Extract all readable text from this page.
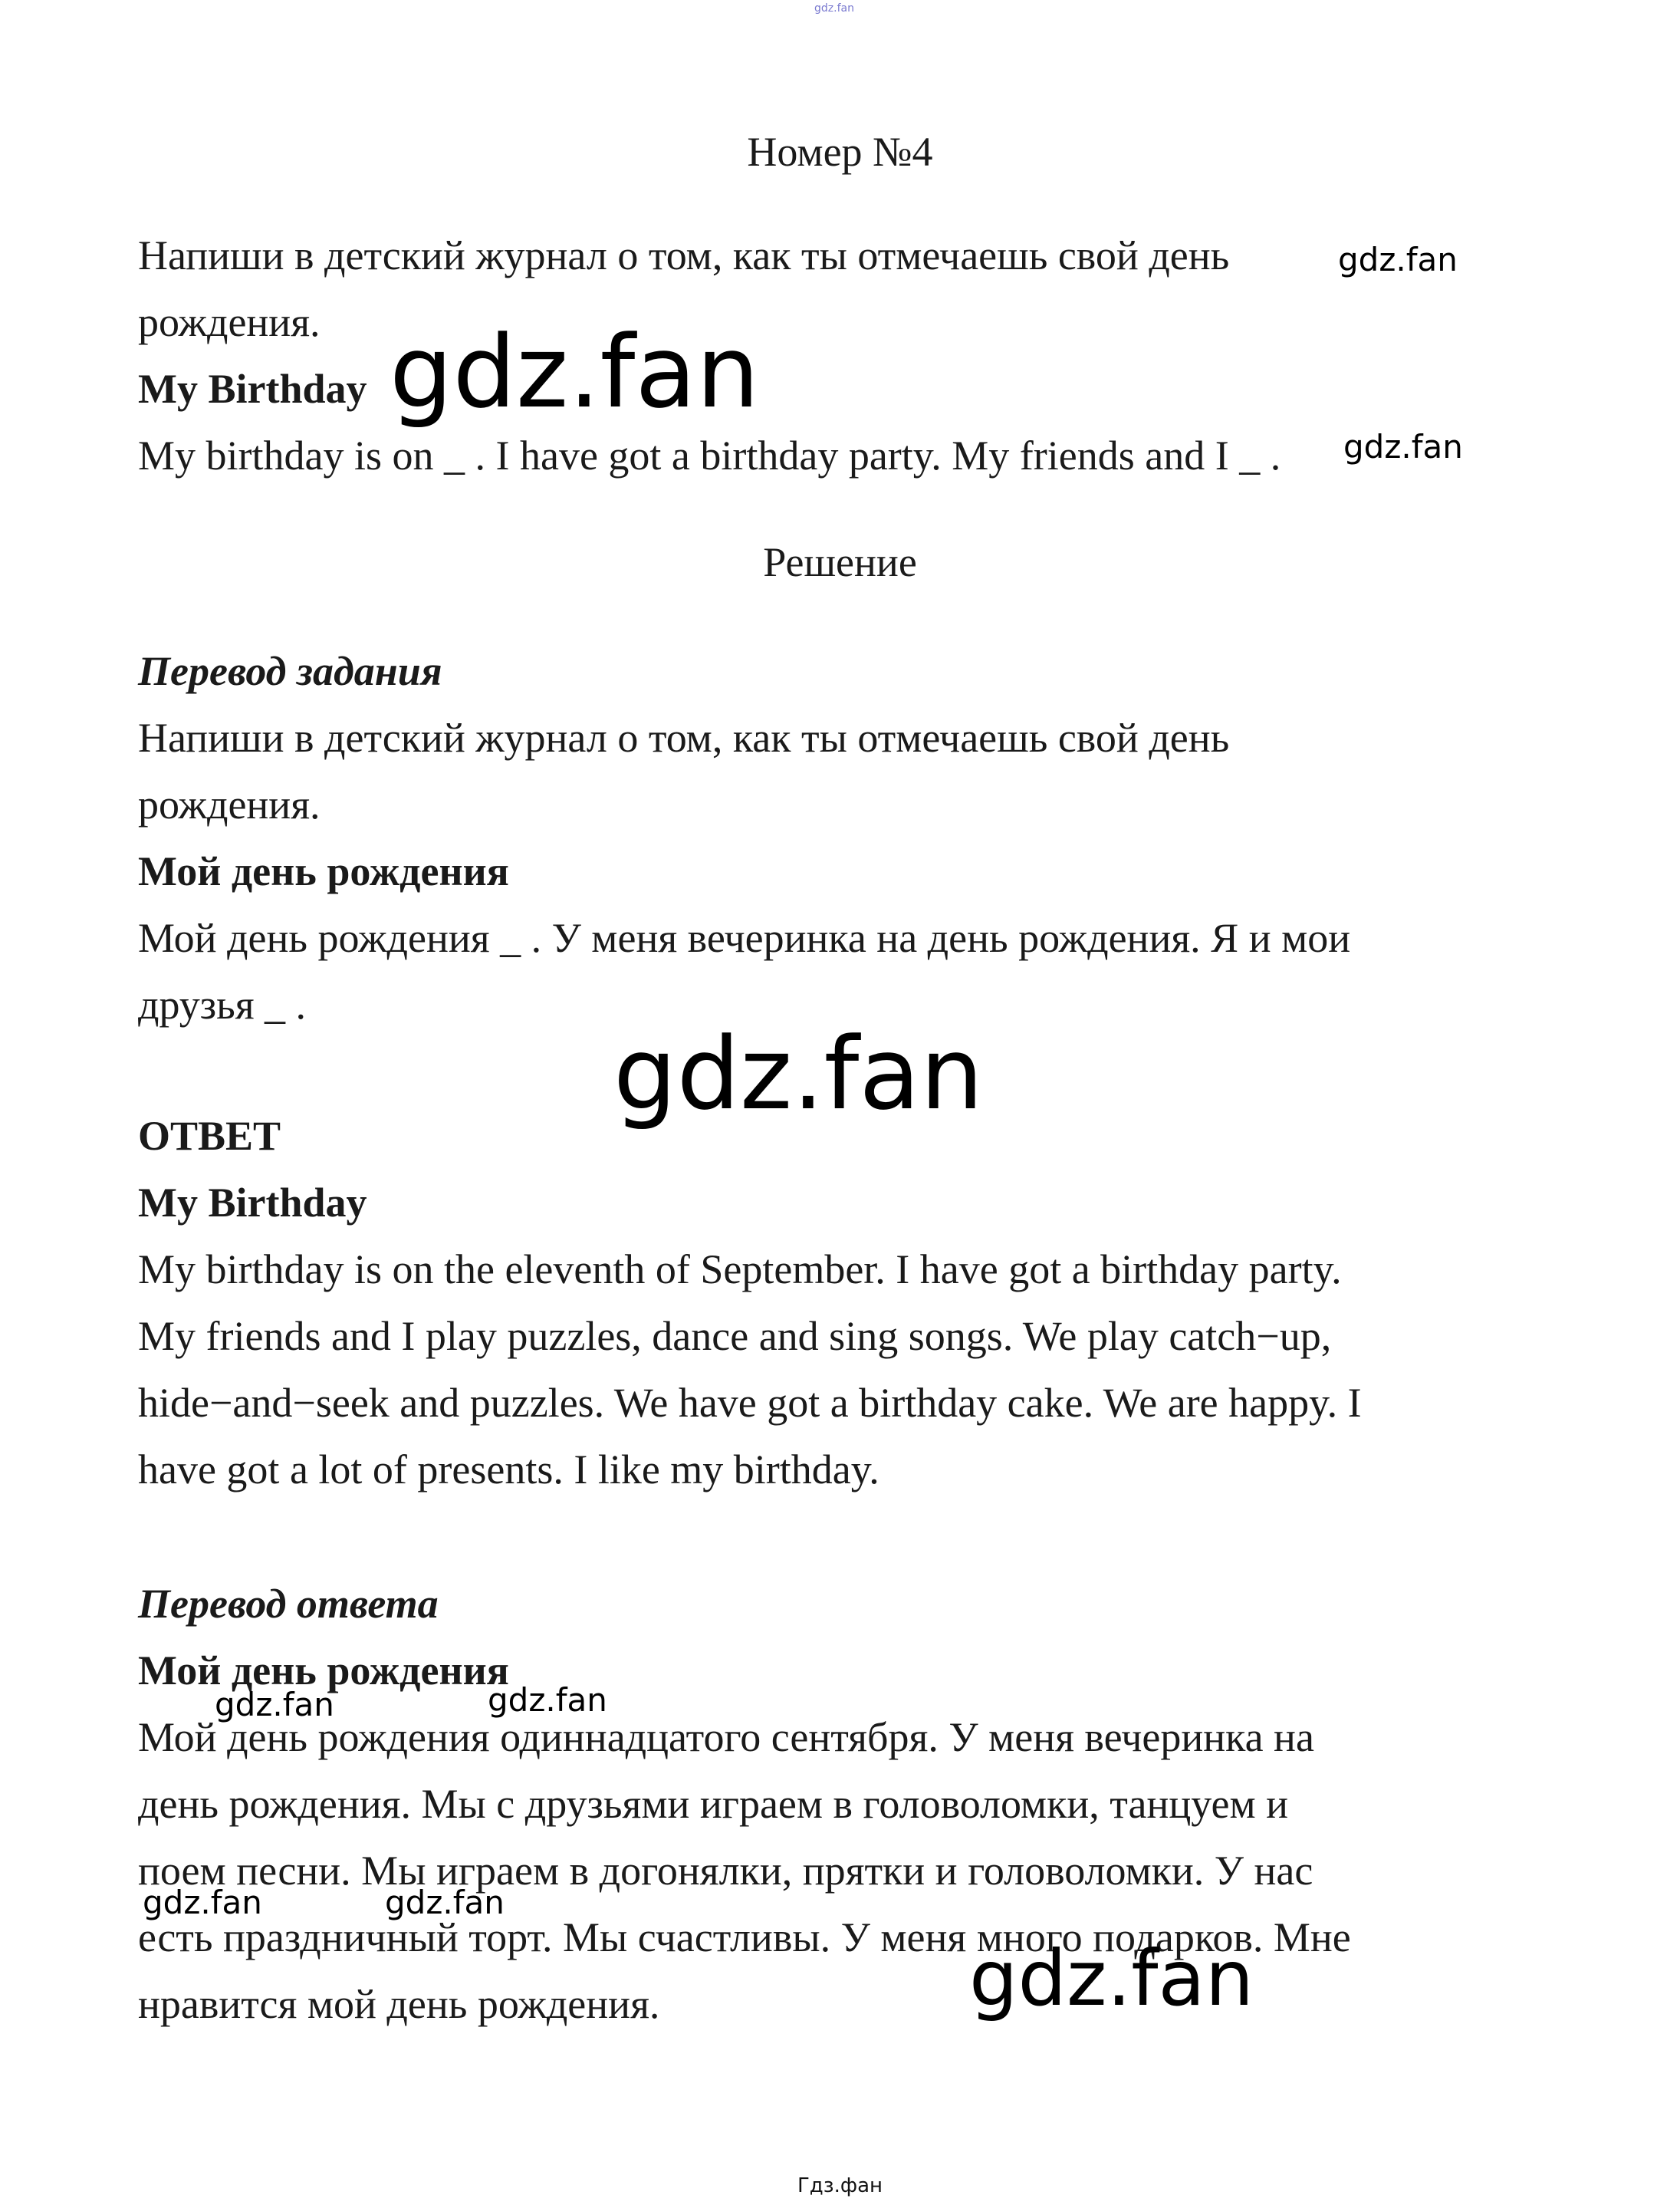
gdz.fan
Номер №4
Напиши в детский журнал о том, как ты отмечаешь свой день
рождения.
My Birthday
My birthday is on _ . I have got a birthday party. My friends and I _ .
Решение
Перевод задания
Напиши в детский журнал о том, как ты отмечаешь свой день
рождения.
Мой день рождения
Мой день рождения _ . У меня вечеринка на день рождения. Я и мои
друзья _ .
ОТВЕТ
My Birthday
My birthday is on the eleventh of September. I have got a birthday party.
My friends and I play puzzles, dance and sing songs. We play catch−up,
hide−and−seek and puzzles. We have got a birthday cake. We are happy. I
have got a lot of presents. I like my birthday.
Перевод ответа
Мой день рождения
Мой день рождения одиннадцатого сентября. У меня вечеринка на
день рождения. Мы с друзьями играем в головоломки, танцуем и
поем песни. Мы играем в догонялки, прятки и головоломки. У нас
есть праздничный торт. Мы счастливы. У меня много подарков. Мне
нравится мой день рождения.
gdz.fan
gdz.fan
gdz.fan
gdz.fan
gdz.fan	gdz.fan
gdz.fan	gdz.fan
gdz.fan
Гдз.фан
